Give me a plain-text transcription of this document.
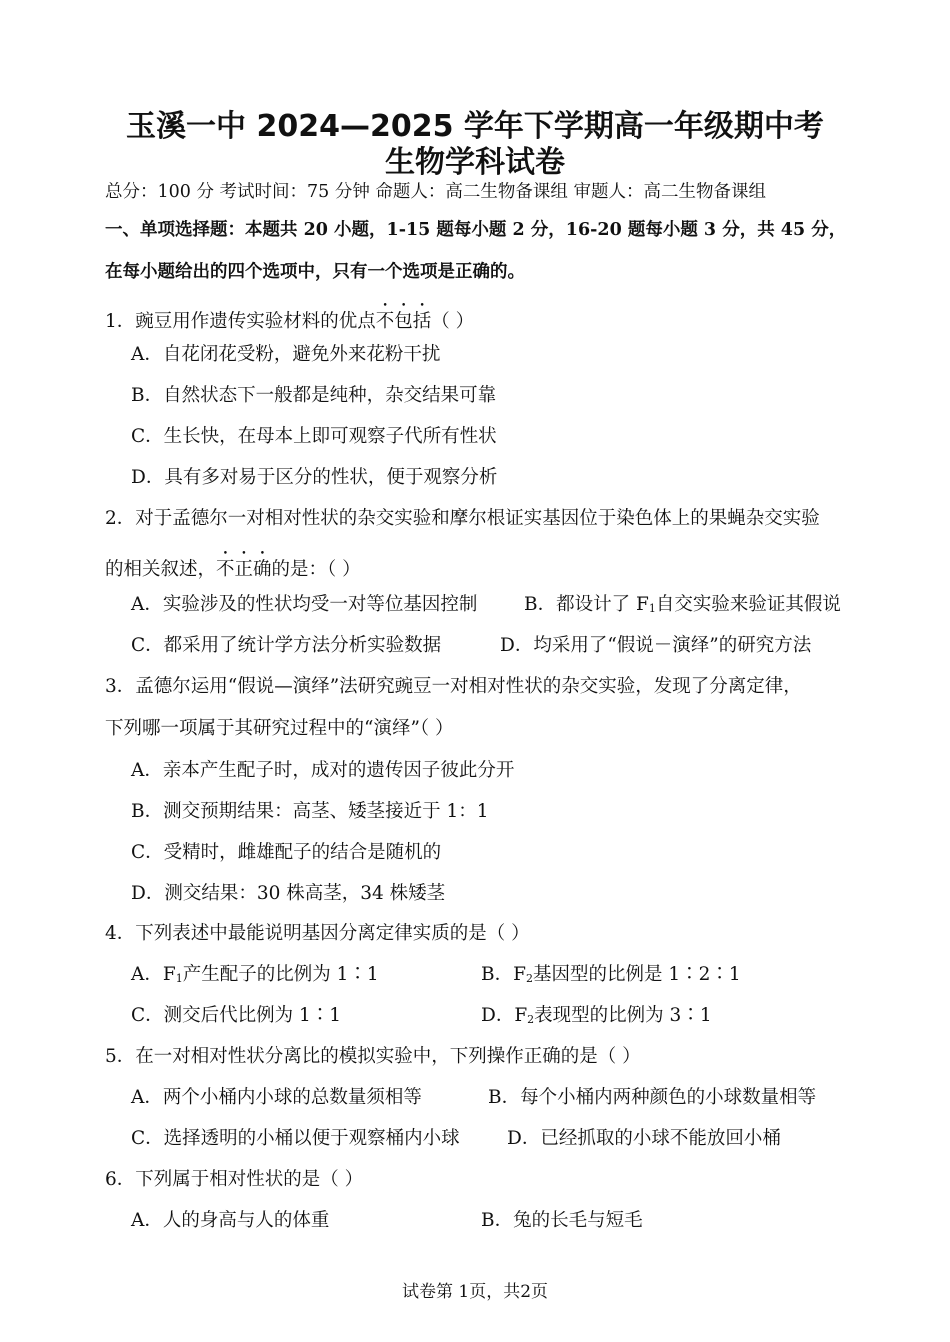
玉溪一中 2024—2025 学年下学期高一年级期中考
生物学科试卷
总分：100 分 考试时间：75 分钟 命题人：高二生物备课组 审题人：高二生物备课组
一、单项选择题：本题共 20 小题，1-15 题每小题 2 分，16-20 题每小题 3 分，共 45 分，
在每小题给出的四个选项中，只有一个选项是正确的。
1．豌豆用作遗传实验材料的优点不包括（ ）
A．自花闭花受粉，避免外来花粉干扰
B．自然状态下一般都是纯种，杂交结果可靠
C．生长快，在母本上即可观察子代所有性状
D．具有多对易于区分的性状，便于观察分析
2．对于孟德尔一对相对性状的杂交实验和摩尔根证实基因位于染色体上的果蝇杂交实验
的相关叙述，不正确的是：（ ）
A．实验涉及的性状均受一对等位基因控制	B．都设计了 $F_1$自交实验来验证其假说
C．都采用了统计学方法分析实验数据	D．均采用了“假说－演绎”的研究方法
3．孟德尔运用“假说—演绎”法研究豌豆一对相对性状的杂交实验，发现了分离定律，
下列哪一项属于其研究过程中的“演绎”（ ）
A．亲本产生配子时，成对的遗传因子彼此分开
B．测交预期结果：高茎、矮茎接近于 1：1
C．受精时，雌雄配子的结合是随机的
D．测交结果：30 株高茎，34 株矮茎
4．下列表述中最能说明基因分离定律实质的是（ ）
A．$F_1$产生配子的比例为 1∶1	B．$F_2$基因型的比例是 1∶2∶1
C．测交后代比例为 1∶1	D．$F_2$表现型的比例为 3∶1
5．在一对相对性状分离比的模拟实验中，下列操作正确的是（ ）
A．两个小桶内小球的总数量须相等	B．每个小桶内两种颜色的小球数量相等
C．选择透明的小桶以便于观察桶内小球	D．已经抓取的小球不能放回小桶
6．下列属于相对性状的是（ ）
A．人的身高与人的体重	B．兔的长毛与短毛
试卷第 1页，共2页
